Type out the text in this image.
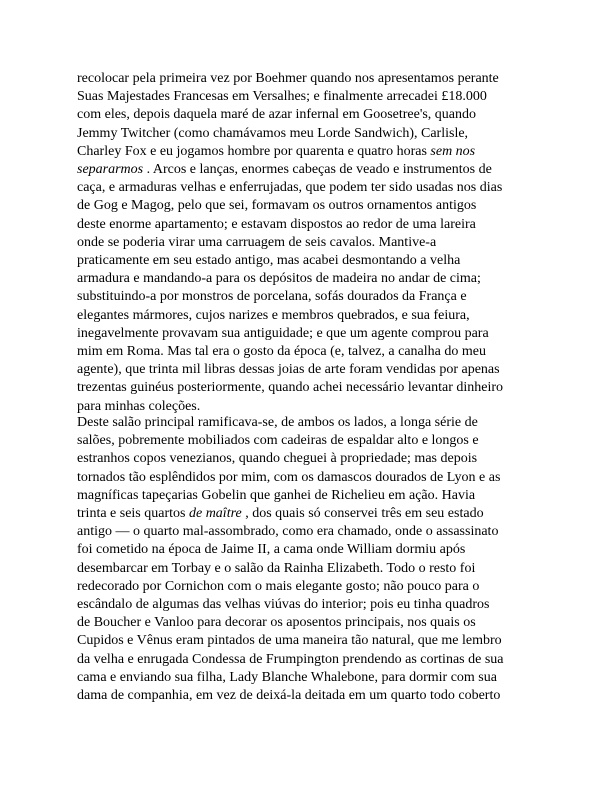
recolocar pela primeira vez por Boehmer quando nos apresentamos perante
Suas Majestades Francesas em Versalhes; e finalmente arrecadei £18.000
com eles, depois daquela maré de azar infernal em Goosetree's, quando
Jemmy Twitcher (como chamávamos meu Lorde Sandwich), Carlisle,
Charley Fox e eu jogamos hombre por quarenta e quatro horas sem nos
separarmos . Arcos e lanças, enormes cabeças de veado e instrumentos de
caça, e armaduras velhas e enferrujadas, que podem ter sido usadas nos dias
de Gog e Magog, pelo que sei, formavam os outros ornamentos antigos
deste enorme apartamento; e estavam dispostos ao redor de uma lareira
onde se poderia virar uma carruagem de seis cavalos. Mantive-a
praticamente em seu estado antigo, mas acabei desmontando a velha
armadura e mandando-a para os depósitos de madeira no andar de cima;
substituindo-a por monstros de porcelana, sofás dourados da França e
elegantes mármores, cujos narizes e membros quebrados, e sua feiura,
inegavelmente provavam sua antiguidade; e que um agente comprou para
mim em Roma. Mas tal era o gosto da época (e, talvez, a canalha do meu
agente), que trinta mil libras dessas joias de arte foram vendidas por apenas
trezentas guinéus posteriormente, quando achei necessário levantar dinheiro
para minhas coleções.
Deste salão principal ramificava-se, de ambos os lados, a longa série de
salões, pobremente mobiliados com cadeiras de espaldar alto e longos e
estranhos copos venezianos, quando cheguei à propriedade; mas depois
tornados tão esplêndidos por mim, com os damascos dourados de Lyon e as
magníficas tapeçarias Gobelin que ganhei de Richelieu em ação. Havia
trinta e seis quartos de maître , dos quais só conservei três em seu estado
antigo — o quarto mal-assombrado, como era chamado, onde o assassinato
foi cometido na época de Jaime II, a cama onde William dormiu após
desembarcar em Torbay e o salão da Rainha Elizabeth. Todo o resto foi
redecorado por Cornichon com o mais elegante gosto; não pouco para o
escândalo de algumas das velhas viúvas do interior; pois eu tinha quadros
de Boucher e Vanloo para decorar os aposentos principais, nos quais os
Cupidos e Vênus eram pintados de uma maneira tão natural, que me lembro
da velha e enrugada Condessa de Frumpington prendendo as cortinas de sua
cama e enviando sua filha, Lady Blanche Whalebone, para dormir com sua
dama de companhia, em vez de deixá-la deitada em um quarto todo coberto
